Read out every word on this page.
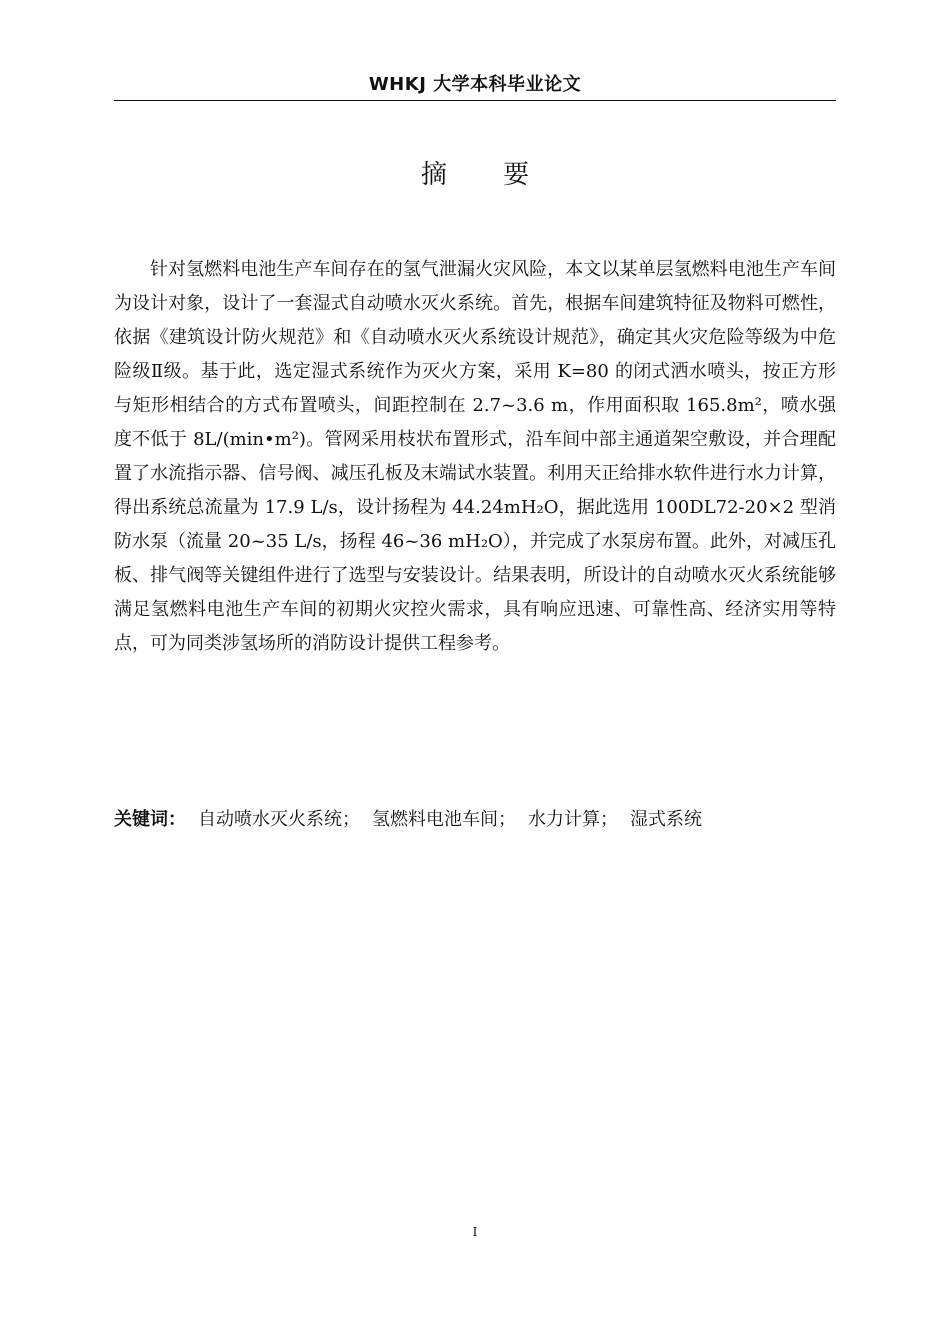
WHKJ 大学本科毕业论文
摘 要

针对氢燃料电池生产车间存在的氢气泄漏火灾风险，本文以某单层氢燃料电池生产车间为设计对象，设计了一套湿式自动喷水灭火系统。首先，根据车间建筑特征及物料可燃性，依据《建筑设计防火规范》和《自动喷水灭火系统设计规范》，确定其火灾危险等级为中危险级Ⅱ级。基于此，选定湿式系统作为灭火方案，采用 K=80 的闭式洒水喷头，按正方形与矩形相结合的方式布置喷头，间距控制在 2.7~3.6 m，作用面积取 165.8m²，喷水强度不低于 8L/(min•m²)。管网采用枝状布置形式，沿车间中部主通道架空敷设，并合理配置了水流指示器、信号阀、减压孔板及末端试水装置。利用天正给排水软件进行水力计算，得出系统总流量为 17.9 L/s，设计扬程为 44.24mH₂O，据此选用 100DL72-20×2 型消防水泵（流量 20~35 L/s，扬程 46~36 mH₂O），并完成了水泵房布置。此外，对减压孔板、排气阀等关键组件进行了选型与安装设计。结果表明，所设计的自动喷水灭火系统能够满足氢燃料电池生产车间的初期火灾控火需求，具有响应迅速、可靠性高、经济实用等特点，可为同类涉氢场所的消防设计提供工程参考。

关键词： 自动喷水灭火系统； 氢燃料电池车间； 水力计算； 湿式系统
I
